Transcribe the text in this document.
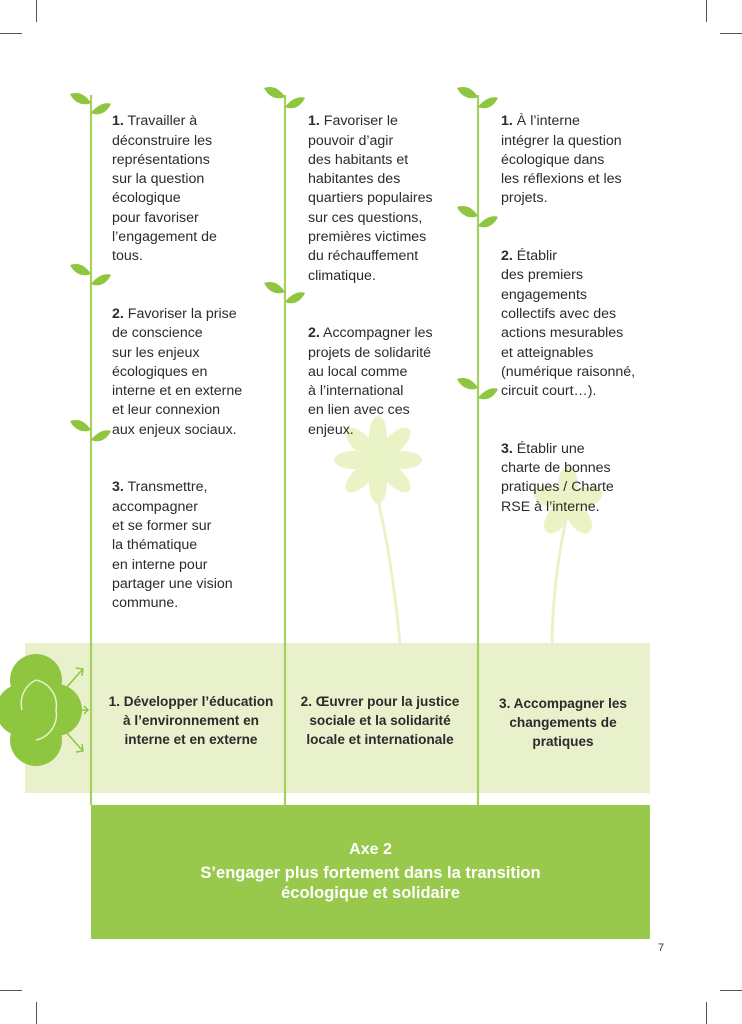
1. Travailler à
déconstruire les
représentations
sur la question
écologique
pour favoriser
l’engagement de
tous.

2. Favoriser la prise
de conscience
sur les enjeux
écologiques en
interne et en externe
et leur connexion
aux enjeux sociaux.

3. Transmettre,
accompagner
et se former sur
la thématique
en interne pour
partager une vision
commune.

1. Favoriser le
pouvoir d’agir
des habitants et
habitantes des
quartiers populaires
sur ces questions,
premières victimes
du réchauffement
climatique.

2. Accompagner les
projets de solidarité
au local comme
à l’international
en lien avec ces
enjeux.

1. À l’interne
intégrer la question
écologique dans
les réflexions et les
projets.

2. Établir
des premiers
engagements
collectifs avec des
actions mesurables
et atteignables
(numérique raisonné,
circuit court…).

3. Établir une
charte de bonnes
pratiques / Charte
RSE à l’interne.

1. Développer l’éducation
à l’environnement en
interne et en externe
2. Œuvrer pour la justice
sociale et la solidarité
locale et internationale
3. Accompagner les
changements de
pratiques
Axe 2
S’engager plus fortement dans la transition
écologique et solidaire
7
